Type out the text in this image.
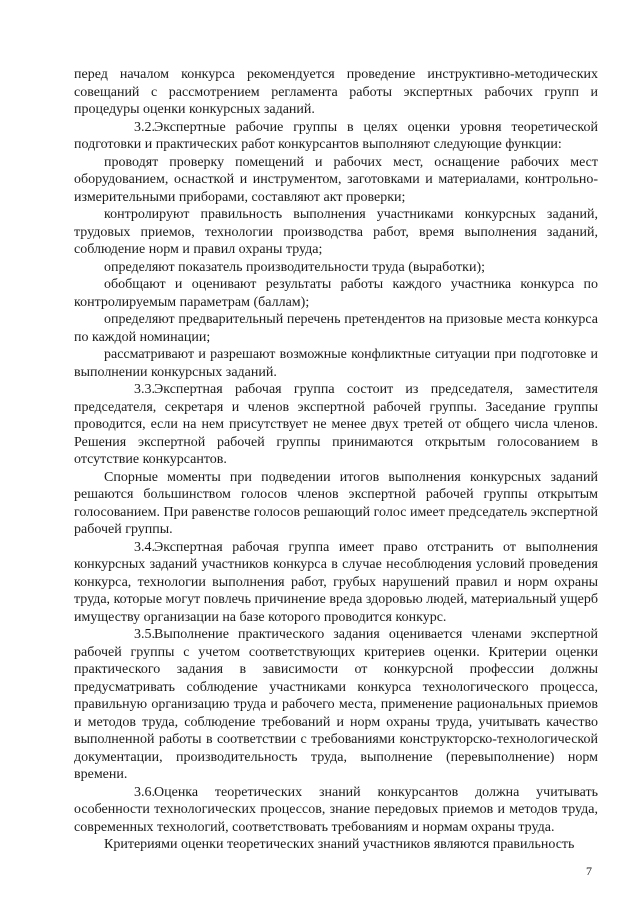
перед началом конкурса рекомендуется проведение инструктивно-методических совещаний с рассмотрением регламента работы экспертных рабочих групп и процедуры оценки конкурсных заданий.

3.2.Экспертные рабочие группы в целях оценки уровня теоретической подготовки и практических работ конкурсантов выполняют следующие функции:

проводят проверку помещений и рабочих мест, оснащение рабочих мест оборудованием, оснасткой и инструментом, заготовками и материалами, контрольно-измерительными приборами, составляют акт проверки;

контролируют правильность выполнения участниками конкурсных заданий, трудовых приемов, технологии производства работ, время выполнения заданий, соблюдение норм и правил охраны труда;

определяют показатель производительности труда (выработки);

обобщают и оценивают результаты работы каждого участника конкурса по контролируемым параметрам (баллам);

определяют предварительный перечень претендентов на призовые места конкурса по каждой номинации;

рассматривают и разрешают возможные конфликтные ситуации при подготовке и выполнении конкурсных заданий.

3.3.Экспертная рабочая группа состоит из председателя, заместителя председателя, секретаря и членов экспертной рабочей группы. Заседание группы проводится, если на нем присутствует не менее двух третей от общего числа членов. Решения экспертной рабочей группы принимаются открытым голосованием в отсутствие конкурсантов.

Спорные моменты при подведении итогов выполнения конкурсных заданий решаются большинством голосов членов экспертной рабочей группы открытым голосованием. При равенстве голосов решающий голос имеет председатель экспертной рабочей группы.

3.4.Экспертная рабочая группа имеет право отстранить от выполнения конкурсных заданий участников конкурса в случае несоблюдения условий проведения конкурса, технологии выполнения работ, грубых нарушений правил и норм охраны труда, которые могут повлечь причинение вреда здоровью людей, материальный ущерб имуществу организации на базе которого проводится конкурс.

3.5.Выполнение практического задания оценивается членами экспертной рабочей группы с учетом соответствующих критериев оценки. Критерии оценки практического задания в зависимости от конкурсной профессии должны предусматривать соблюдение участниками конкурса технологического процесса, правильную организацию труда и рабочего места, применение рациональных приемов и методов труда, соблюдение требований и норм охраны труда, учитывать качество выполненной работы в соответствии с требованиями конструкторско-технологической документации, производительность труда, выполнение (перевыполнение) норм времени.

3.6.Оценка теоретических знаний конкурсантов должна учитывать особенности технологических процессов, знание передовых приемов и методов труда, современных технологий, соответствовать требованиям и нормам охраны труда.

Критериями оценки теоретических знаний участников являются правильность

7
